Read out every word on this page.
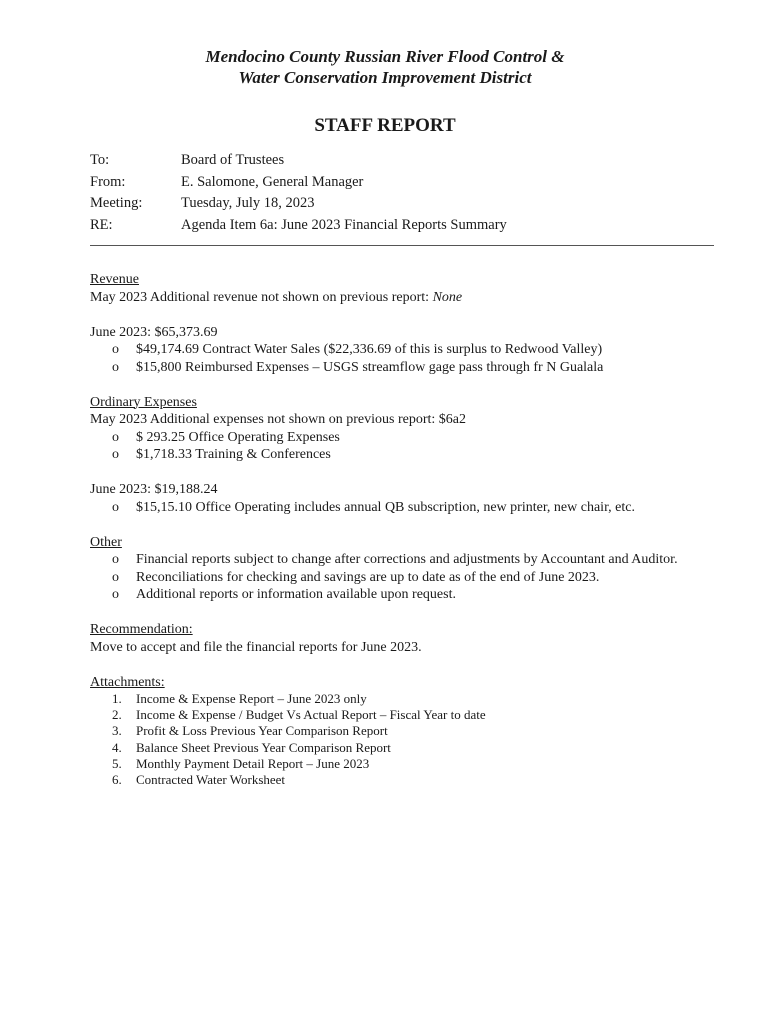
Mendocino County Russian River Flood Control &
Water Conservation Improvement District
STAFF REPORT
To:	Board of Trustees
From:	E. Salomone, General Manager
Meeting:	Tuesday, July 18, 2023
RE:	Agenda Item 6a: June 2023 Financial Reports Summary
Revenue
May 2023 Additional revenue not shown on previous report: None
June 2023: $65,373.69
o	$49,174.69 Contract Water Sales ($22,336.69 of this is surplus to Redwood Valley)
o	$15,800 Reimbursed Expenses – USGS streamflow gage pass through fr N Gualala
Ordinary Expenses
May 2023 Additional expenses not shown on previous report: $6a2
o	$ 293.25 Office Operating Expenses
o	$1,718.33 Training & Conferences
June 2023: $19,188.24
o	$15,15.10 Office Operating includes annual QB subscription, new printer, new chair, etc.
Other
o	Financial reports subject to change after corrections and adjustments by Accountant and Auditor.
o	Reconciliations for checking and savings are up to date as of the end of June 2023.
o	Additional reports or information available upon request.
Recommendation:
Move to accept and file the financial reports for June 2023.
Attachments:
1.	Income & Expense Report – June 2023 only
2.	Income & Expense / Budget Vs Actual Report – Fiscal Year to date
3.	Profit & Loss Previous Year Comparison Report
4.	Balance Sheet Previous Year Comparison Report
5.	Monthly Payment Detail Report – June 2023
6.	Contracted Water Worksheet
